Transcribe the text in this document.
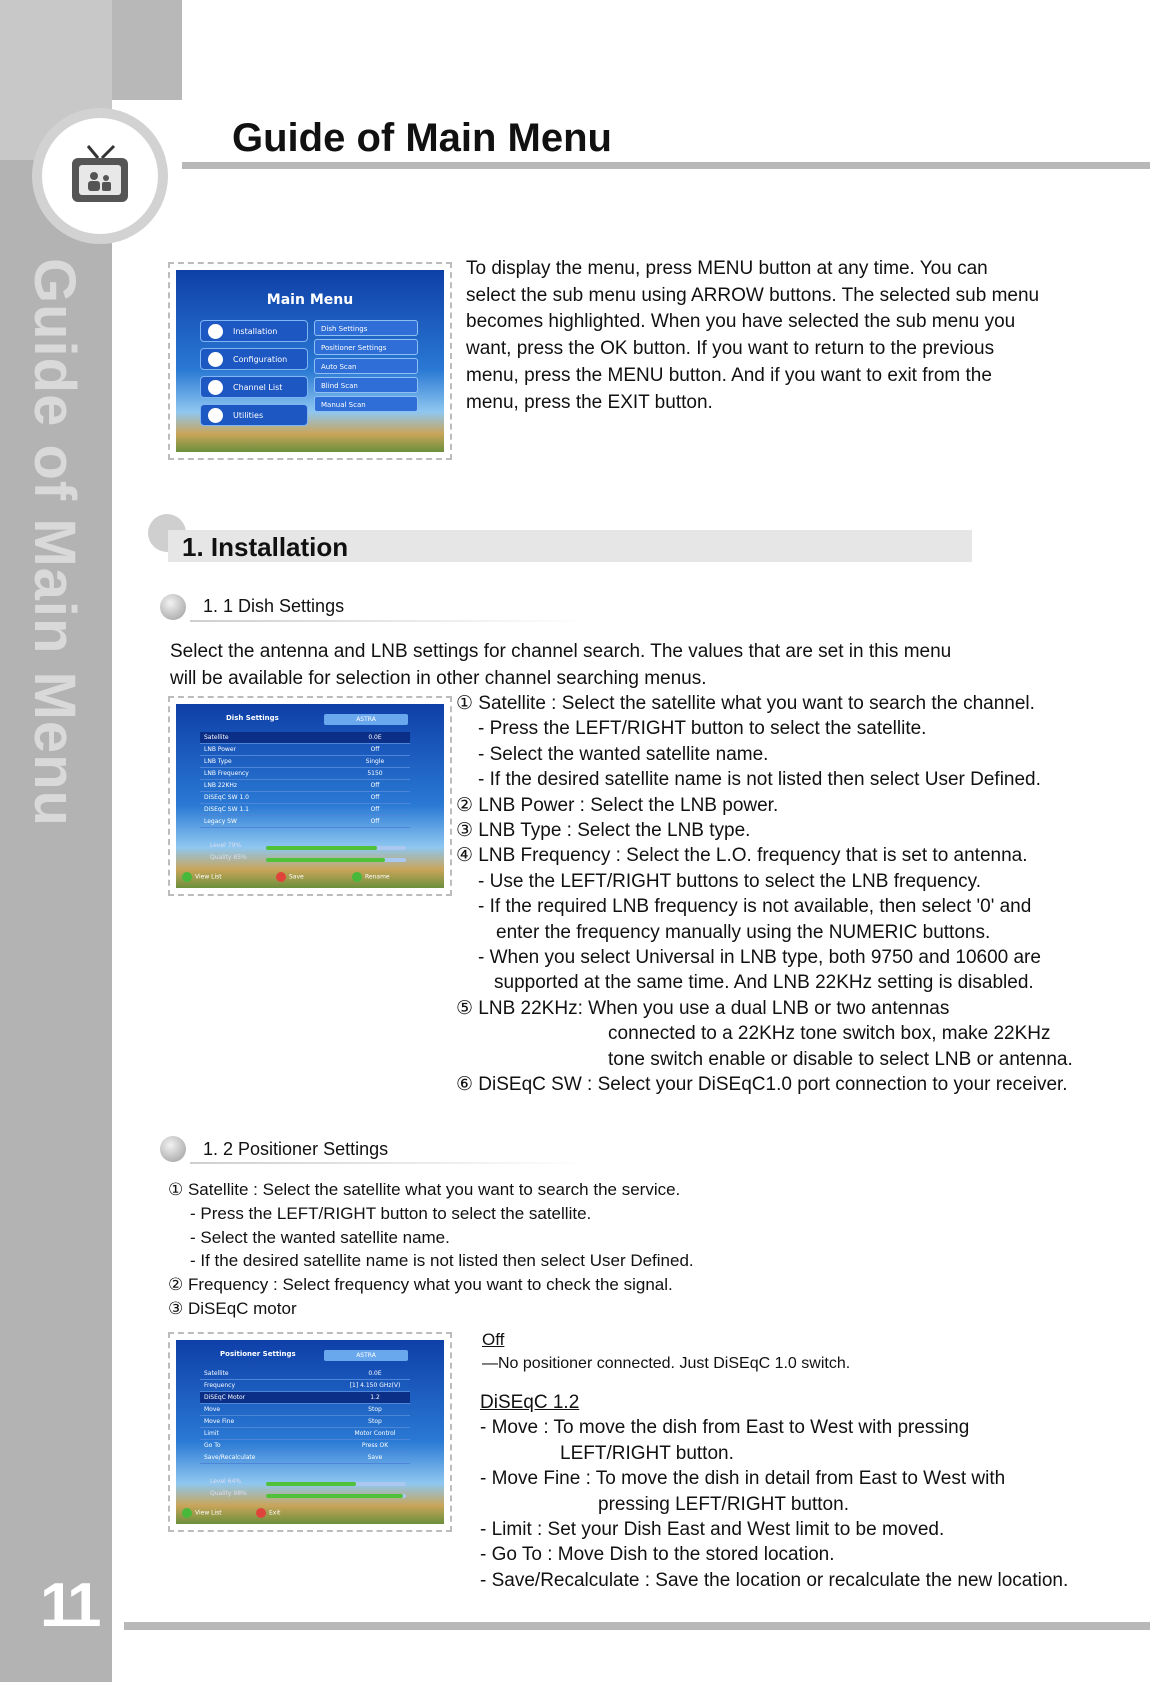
Guide of Main Menu
11
Guide of Main Menu
Main Menu
Installation
Configuration
Channel List
Utilities
Dish Settings
Positioner Settings
Auto Scan
Blind Scan
Manual Scan
To display the menu, press MENU button at any time. You can
select the sub menu using ARROW buttons. The selected sub menu
becomes highlighted. When you have selected the sub menu you
want, press the OK button. If you want to return to the previous
menu, press the MENU button. And if you want to exit from the
menu, press the EXIT button.
1. Installation
1. 1 Dish Settings
Select the antenna and LNB settings for channel search. The values that are set in this menu
will be available for selection in other channel searching menus.
Dish Settings	ASTRA
Satellite	0.0E
LNB Power	Off
LNB Type	Single
LNB Frequency	5150
LNB 22KHz	Off
DiSEqC SW 1.0	Off
DiSEqC SW 1.1	Off
Legacy SW	Off
Level 79%
Quality 85%
View List	Save	Rename
① Satellite : Select the satellite what you want to search the channel.
- Press the LEFT/RIGHT button to select the satellite.
- Select the wanted satellite name.
- If the desired satellite name is not listed then select User Defined.
② LNB Power : Select the LNB power.
③ LNB Type : Select the LNB type.
④ LNB Frequency : Select the L.O. frequency that is set to antenna.
- Use the LEFT/RIGHT buttons to select the LNB frequency.
- If the required LNB frequency is not available, then select '0' and
enter the frequency manually using the NUMERIC buttons.
- When you select Universal in LNB type, both 9750 and 10600 are
supported at the same time. And LNB 22KHz setting is disabled.
⑤ LNB 22KHz: When you use a dual LNB or two antennas
connected to a 22KHz tone switch box, make 22KHz
tone switch enable or disable to select LNB or antenna.
⑥ DiSEqC SW : Select your DiSEqC1.0 port connection to your receiver.
1. 2 Positioner Settings
① Satellite : Select the satellite what you want to search the service.
- Press the LEFT/RIGHT button to select the satellite.
- Select the wanted satellite name.
- If the desired satellite name is not listed then select User Defined.
② Frequency : Select frequency what you want to check the signal.
③ DiSEqC motor
Positioner Settings	ASTRA
Satellite	0.0E
Frequency	[1] 4.150 GHz(V)
DiSEqC Motor	1.2
Move	Stop
Move Fine	Stop
Limit	Motor Control
Go To	Press OK
Save/Recalculate	Save
Level 64%
Quality 98%
View List	Exit
Off
—No positioner connected. Just DiSEqC 1.0 switch.
DiSEqC 1.2
- Move : To move the dish from East to West with pressing
LEFT/RIGHT button.
- Move Fine : To move the dish in detail from East to West with
pressing LEFT/RIGHT button.
- Limit : Set your Dish East and West limit to be moved.
- Go To : Move Dish to the stored location.
- Save/Recalculate : Save the location or recalculate the new location.
